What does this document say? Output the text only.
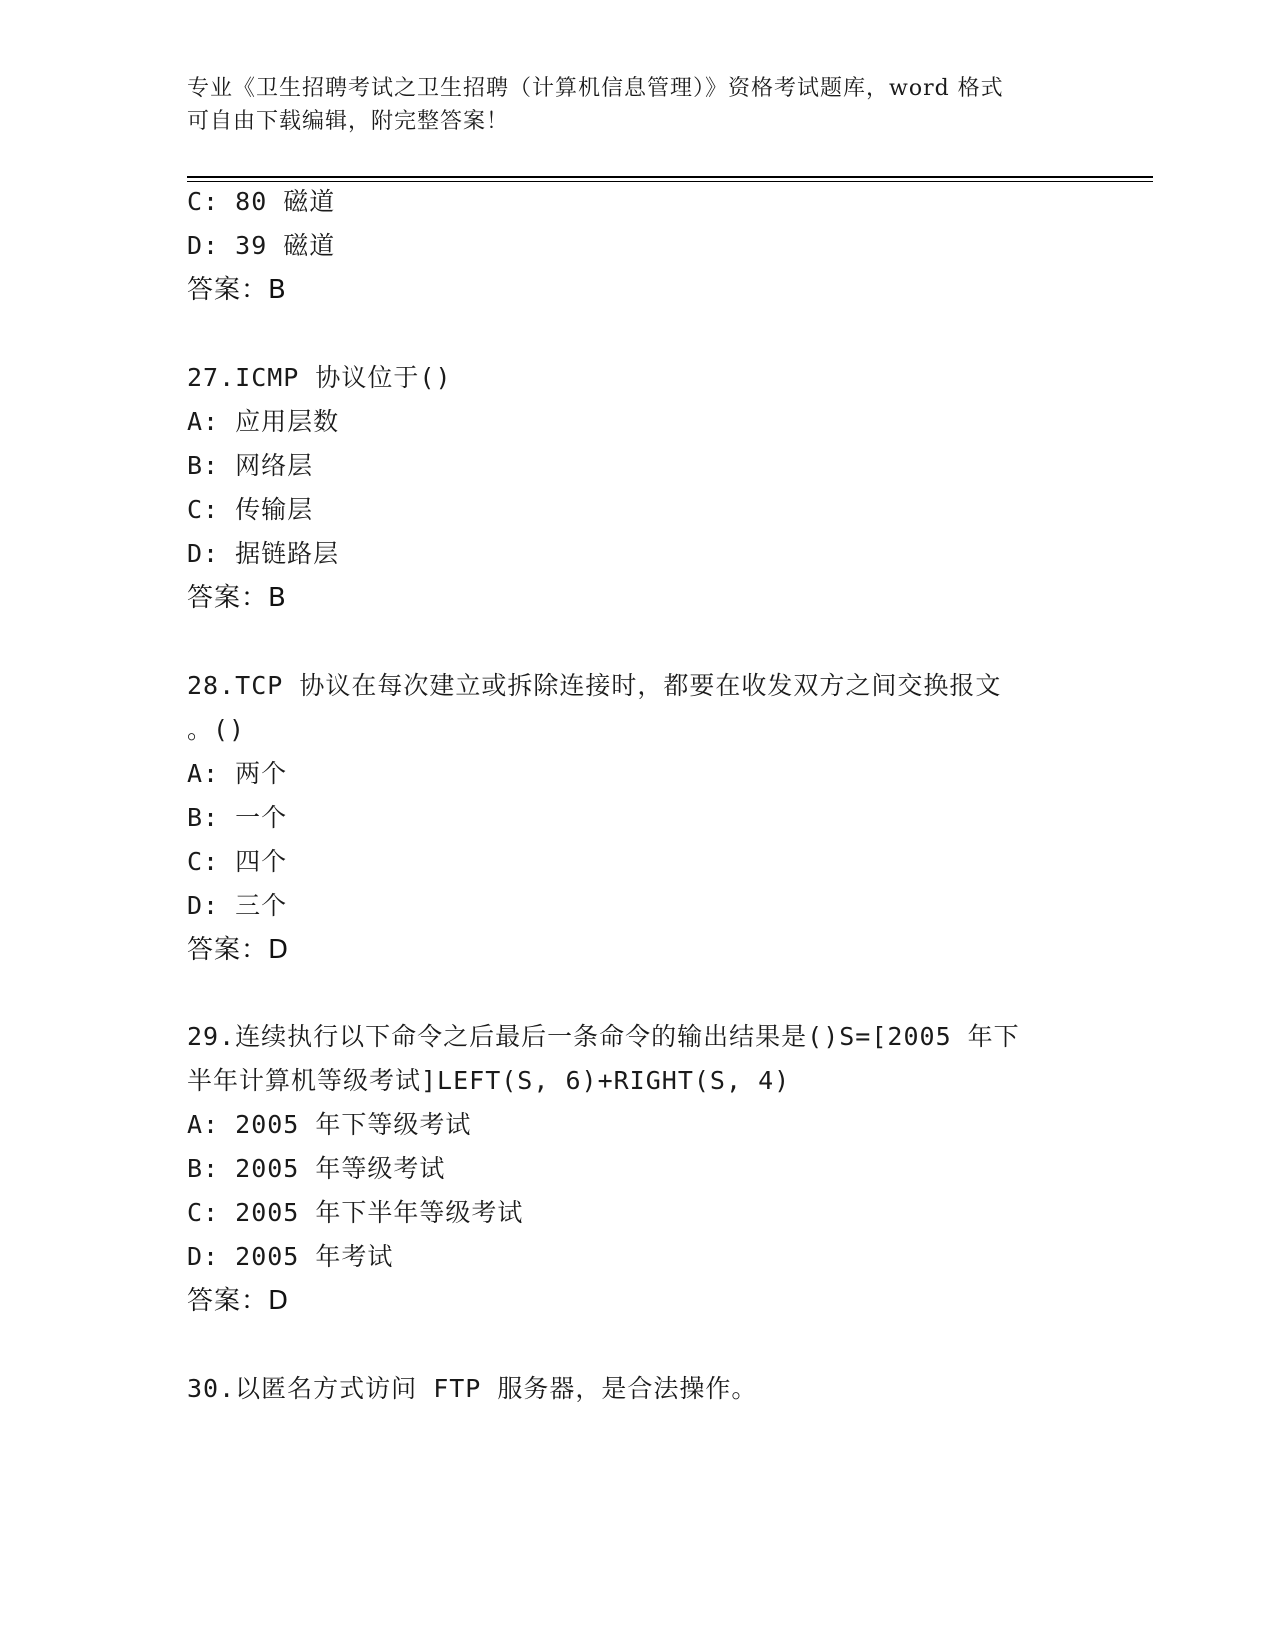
专业《卫生招聘考试之卫生招聘（计算机信息管理）》资格考试题库，word 格式
可自由下载编辑，附完整答案！
C: 80 磁道
D: 39 磁道
答案：B
27.ICMP 协议位于()
A: 应用层数
B: 网络层
C: 传输层
D: 据链路层
答案：B
28.TCP 协议在每次建立或拆除连接时，都要在收发双方之间交换报文
。()
A: 两个
B: 一个
C: 四个
D: 三个
答案：D
29.连续执行以下命令之后最后一条命令的输出结果是()S=[2005 年下
半年计算机等级考试]LEFT(S, 6)+RIGHT(S, 4)
A: 2005 年下等级考试
B: 2005 年等级考试
C: 2005 年下半年等级考试
D: 2005 年考试
答案：D
30.以匿名方式访问 FTP 服务器，是合法操作。
